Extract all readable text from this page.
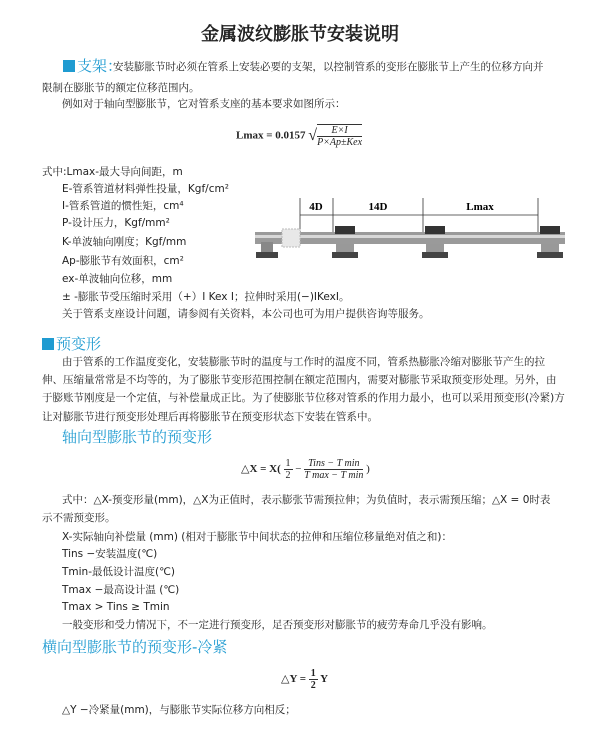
金属波纹膨胀节安装说明
支架：
安装膨胀节时必须在管系上安装必要的支架，以控制管系的变形在膨胀节上产生的位移方向并
限制在膨胀节的额定位移范围内。
例如对于轴向型膨胀节，它对管系支座的基本要求如图所示：
Lmax = 0.0157 √ $\frac{E\times I}{\text{P×Ap±Kex}}$
式中:Lmax-最大导向间距，m
E-管系管道材料弹性投量，Kgf/cm²
I-管系管道的惯性矩，cm⁴
P-设计压力，Kgf/mm²
K-单波轴向刚度；Kgf/mm
Ap-膨胀节有效面积，cm²
ex-单波轴向位移，mm
± -膨胀节受压缩时采用（+）I Kex I；拉伸时采用(−)IKexI。
关于管系支座设计问题，请参阅有关资料，本公司也可为用户提供咨询等服务。
4D	14D	Lmax
预变形
由于管系的工作温度变化，安装膨胀节时的温度与工作时的温度不同，管系热膨胀冷缩对膨胀节产生的拉
伸、压缩量常常是不均等的，为了膨胀节变形范围控制在额定范围内，需要对膨胀节采取预变形处理。另外，由
于膨账节刚度是一个定值，与补偿量成正比。为了使膨胀节位移对管系的作用力最小，也可以采用预变形(冷紧)方
让对膨胀节进行预变形处理后再将膨胀节在预变形状态下安装在管系中。
轴向型膨胀节的预变形
△X = $X( \frac{1}{2} - \frac{\text{Tins − T min}}{\text{T max − T min}}$ )
式中：△X-预变形量(mm)，△X为正值时，表示膨张节需预拉伸；为负值时，表示需预压缩；△X = 0时表
示不需预变形。
X-实际轴向补偿量 (mm) (相对于膨胀节中间状态的拉伸和压缩位移量绝对值之和)：
Tins −安装温度(℃)
Tmin-最低设计温度(℃)
Tmax −最高设计温 (℃)
Tmax > Tins ≥ Tmin
一般变形和受力情况下，不一定进行预变形，足否预变形对膨胀节的疲劳寿命几乎没有影响。
横向型膨胀节的预变形-冷紧
△Y = $\frac{1}{2}$ Y
△Y −冷紧量(mm)，与膨胀节实际位移方向相反；
